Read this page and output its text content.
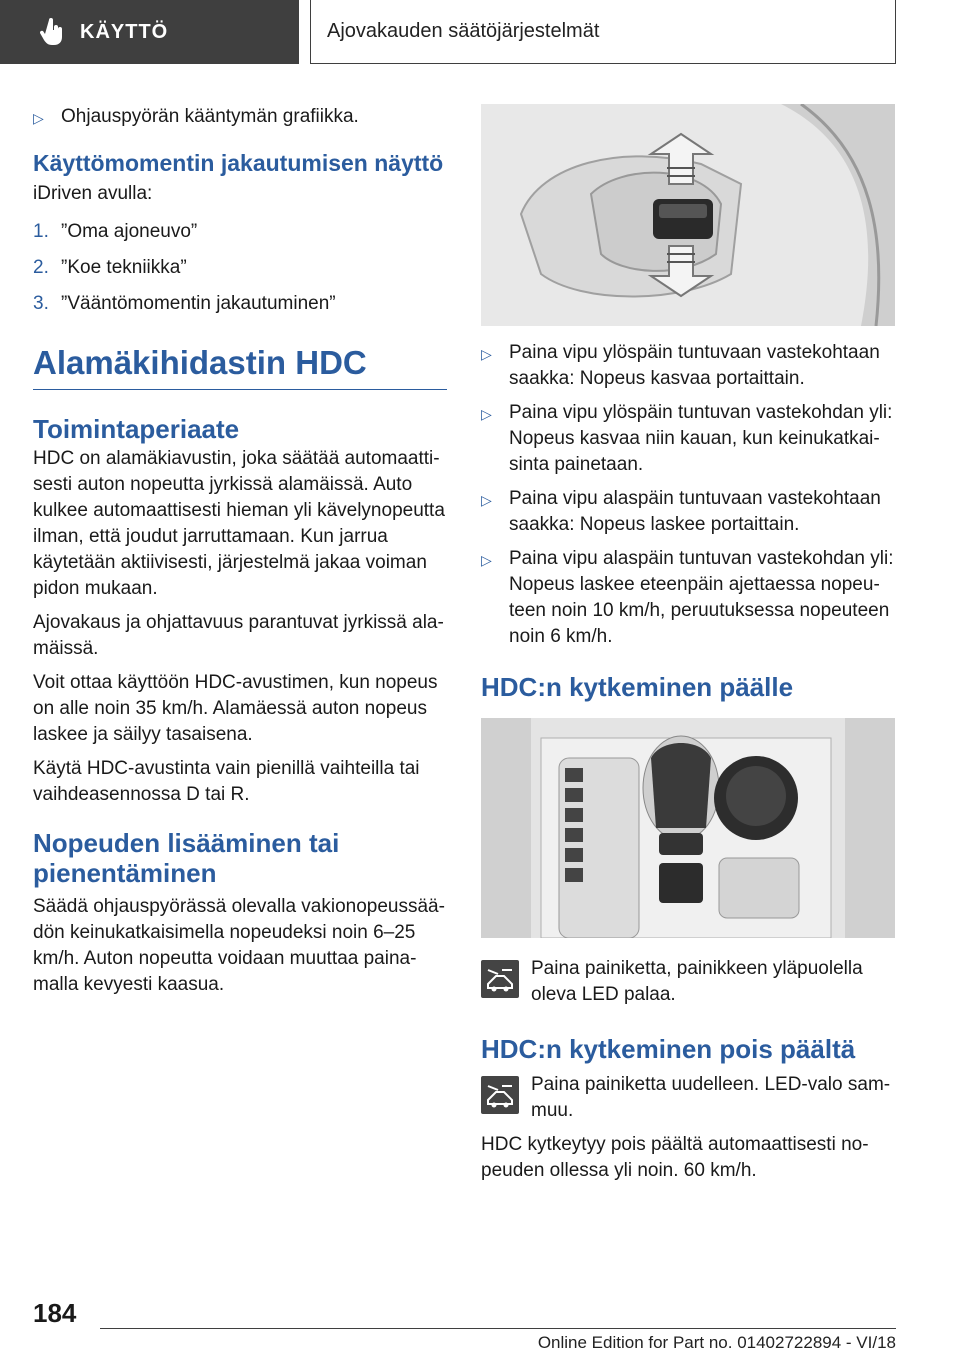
KÄYTTÖ	Ajovakauden säätöjärjestelmät
▷ Ohjauspyörän kääntymän grafiikka.
Käyttömomentin jakautumisen näyttö
iDriven avulla:
1. ”Oma ajoneuvo”
2. ”Koe tekniikka”
3. ”Vääntömomentin jakautuminen”
Alamäkihidastin HDC
Toimintaperiaate
HDC on alamäkiavustin, joka säätää automaattisesti auton nopeutta jyrkissä alamäissä. Auto kulkee automaattisesti hieman yli kävelynopeutta ilman, että joudut jarruttamaan. Kun jarrua käytetään aktiivisesti, järjestelmä jakaa voiman pidon mukaan.
Ajovakaus ja ohjattavuus parantuvat jyrkissä alamäissä.
Voit ottaa käyttöön HDC-avustimen, kun nopeus on alle noin 35 km/h. Alamäessä auton nopeus laskee ja säilyy tasaisena.
Käytä HDC-avustinta vain pienillä vaihteilla tai vaihdeasennossa D tai R.
Nopeuden lisääminen tai pienentäminen
Säädä ohjauspyörässä olevalla vakionopeussäädön keinukatkaisimella nopeudeksi noin 6–25 km/h. Auton nopeutta voidaan muuttaa painamalla kevyesti kaasua.
▷ Paina vipu ylöspäin tuntuvaan vastekohtaan saakka: Nopeus kasvaa portaittain.
▷ Paina vipu ylöspäin tuntuvan vastekohdan yli: Nopeus kasvaa niin kauan, kun keinukatkaisinta painetaan.
▷ Paina vipu alaspäin tuntuvaan vastekohtaan saakka: Nopeus laskee portaittain.
▷ Paina vipu alaspäin tuntuvan vastekohdan yli: Nopeus laskee eteenpäin ajettaessa nopeuteen noin 10 km/h, peruutuksessa nopeuteen noin 6 km/h.
HDC:n kytkeminen päälle
Paina painiketta, painikkeen yläpuolella oleva LED palaa.
HDC:n kytkeminen pois päältä
Paina painiketta uudelleen. LED-valo sammuu.
HDC kytkeytyy pois päältä automaattisesti nopeuden ollessa yli noin. 60 km/h.
184
Online Edition for Part no. 01402722894 - VI/18
